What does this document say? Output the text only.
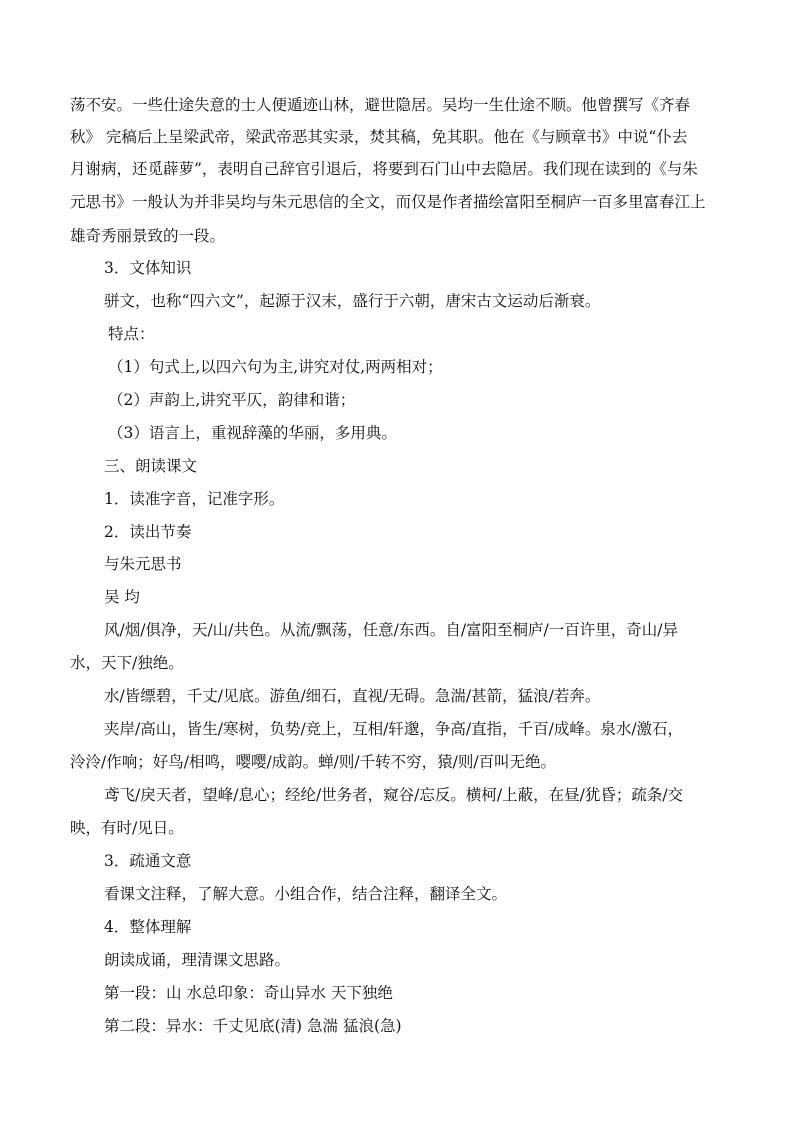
荡不安。一些仕途失意的士人便遁迹山林，避世隐居。吴均一生仕途不顺。他曾撰写《齐春
秋》 完稿后上呈梁武帝，梁武帝恶其实录，焚其稿，免其职。他在《与顾章书》中说“仆去
月谢病，还觅薜萝”，表明自己辞官引退后，将要到石门山中去隐居。我们现在读到的《与朱
元思书》一般认为并非吴均与朱元思信的全文，而仅是作者描绘富阳至桐庐一百多里富春江上
雄奇秀丽景致的一段。
3．文体知识
骈文，也称“四六文”，起源于汉末，盛行于六朝，唐宋古文运动后渐衰。
特点：
（1）句式上,以四六句为主,讲究对仗,两两相对；
（2）声韵上,讲究平仄，韵律和谐；
（3）语言上，重视辞藻的华丽，多用典。
三、朗读课文
1．读准字音，记准字形。
2．读出节奏
与朱元思书
吴 均
风/烟/俱净，天/山/共色。从流/飘荡，任意/东西。自/富阳至桐庐/一百许里，奇山/异
水，天下/独绝。
水/皆缥碧，千丈/见底。游鱼/细石，直视/无碍。急湍/甚箭，猛浪/若奔。
夹岸/高山，皆生/寒树，负势/竞上，互相/轩邈，争高/直指，千百/成峰。泉水/激石，
泠泠/作响；好鸟/相鸣，嘤嘤/成韵。蝉/则/千转不穷，猿/则/百叫无绝。
鸢飞/戾天者，望峰/息心；经纶/世务者，窥谷/忘反。横柯/上蔽，在昼/犹昏；疏条/交
映，有时/见日。
3．疏通文意
看课文注释，了解大意。小组合作，结合注释，翻译全文。
4．整体理解
朗读成诵，理清课文思路。
第一段：山 水总印象：奇山异水 天下独绝
第二段：异水：千丈见底(清) 急湍 猛浪(急)
